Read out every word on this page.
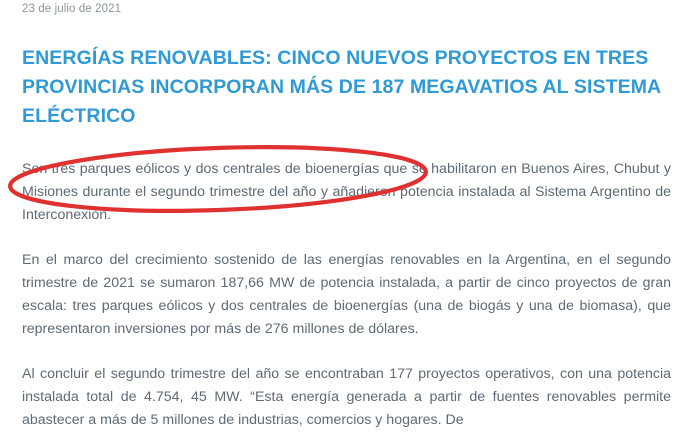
23 de julio de 2021
ENERGÍAS RENOVABLES: CINCO NUEVOS PROYECTOS EN TRES PROVINCIAS INCORPORAN MÁS DE 187 MEGAVATIOS AL SISTEMA ELÉCTRICO

Son tres parques eólicos y dos centrales de bioenergías que se habilitaron en Buenos Aires, Chubut y Misiones durante el segundo trimestre del año y añadieron potencia instalada al Sistema Argentino de Interconexión.

En el marco del crecimiento sostenido de las energías renovables en la Argentina, en el segundo trimestre de 2021 se sumaron 187,66 MW de potencia instalada, a partir de cinco proyectos de gran escala: tres parques eólicos y dos centrales de bioenergías (una de biogás y una de biomasa), que representaron inversiones por más de 276 millones de dólares.

Al concluir el segundo trimestre del año se encontraban 177 proyectos operativos, con una potencia instalada total de 4.754, 45 MW. “Esta energía generada a partir de fuentes renovables permite abastecer a más de 5 millones de industrias, comercios y hogares. De
